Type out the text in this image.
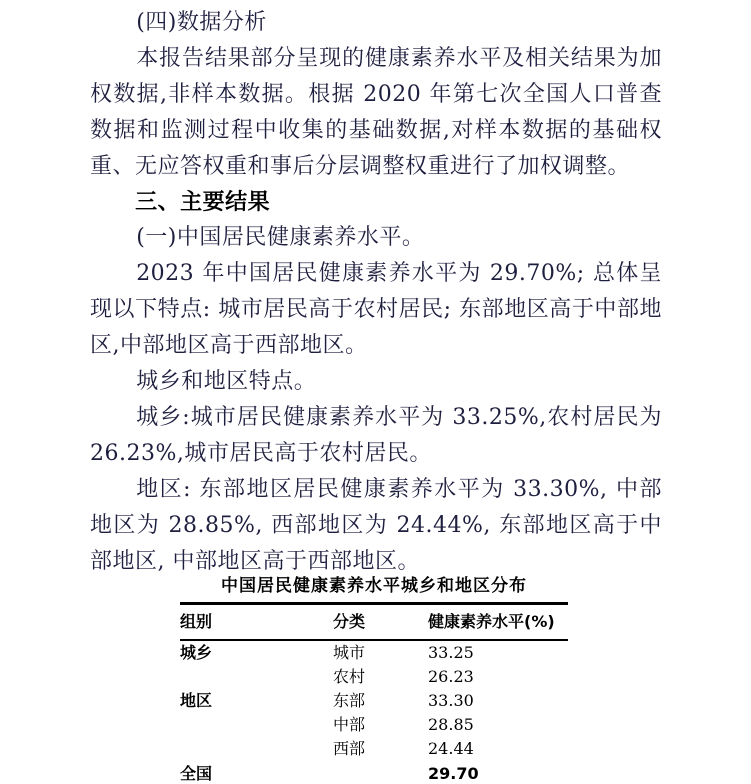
(四)数据分析

本报告结果部分呈现的健康素养水平及相关结果为加权数据,非样本数据。根据 2020 年第七次全国人口普查数据和监测过程中收集的基础数据,对样本数据的基础权重、无应答权重和事后分层调整权重进行了加权调整。

三、主要结果

(一)中国居民健康素养水平。

2023 年中国居民健康素养水平为 29.70%; 总体呈现以下特点: 城市居民高于农村居民; 东部地区高于中部地区,中部地区高于西部地区。

城乡和地区特点。

城乡:城市居民健康素养水平为 33.25%,农村居民为 26.23%,城市居民高于农村居民。

地区: 东部地区居民健康素养水平为 33.30%, 中部地区为 28.85%, 西部地区为 24.44%, 东部地区高于中部地区, 中部地区高于西部地区。

中国居民健康素养水平城乡和地区分布
组别	分类	健康素养水平(%)
城乡	城市	33.25
	农村	26.23
地区	东部	33.30
	中部	28.85
	西部	24.44
全国		29.70
